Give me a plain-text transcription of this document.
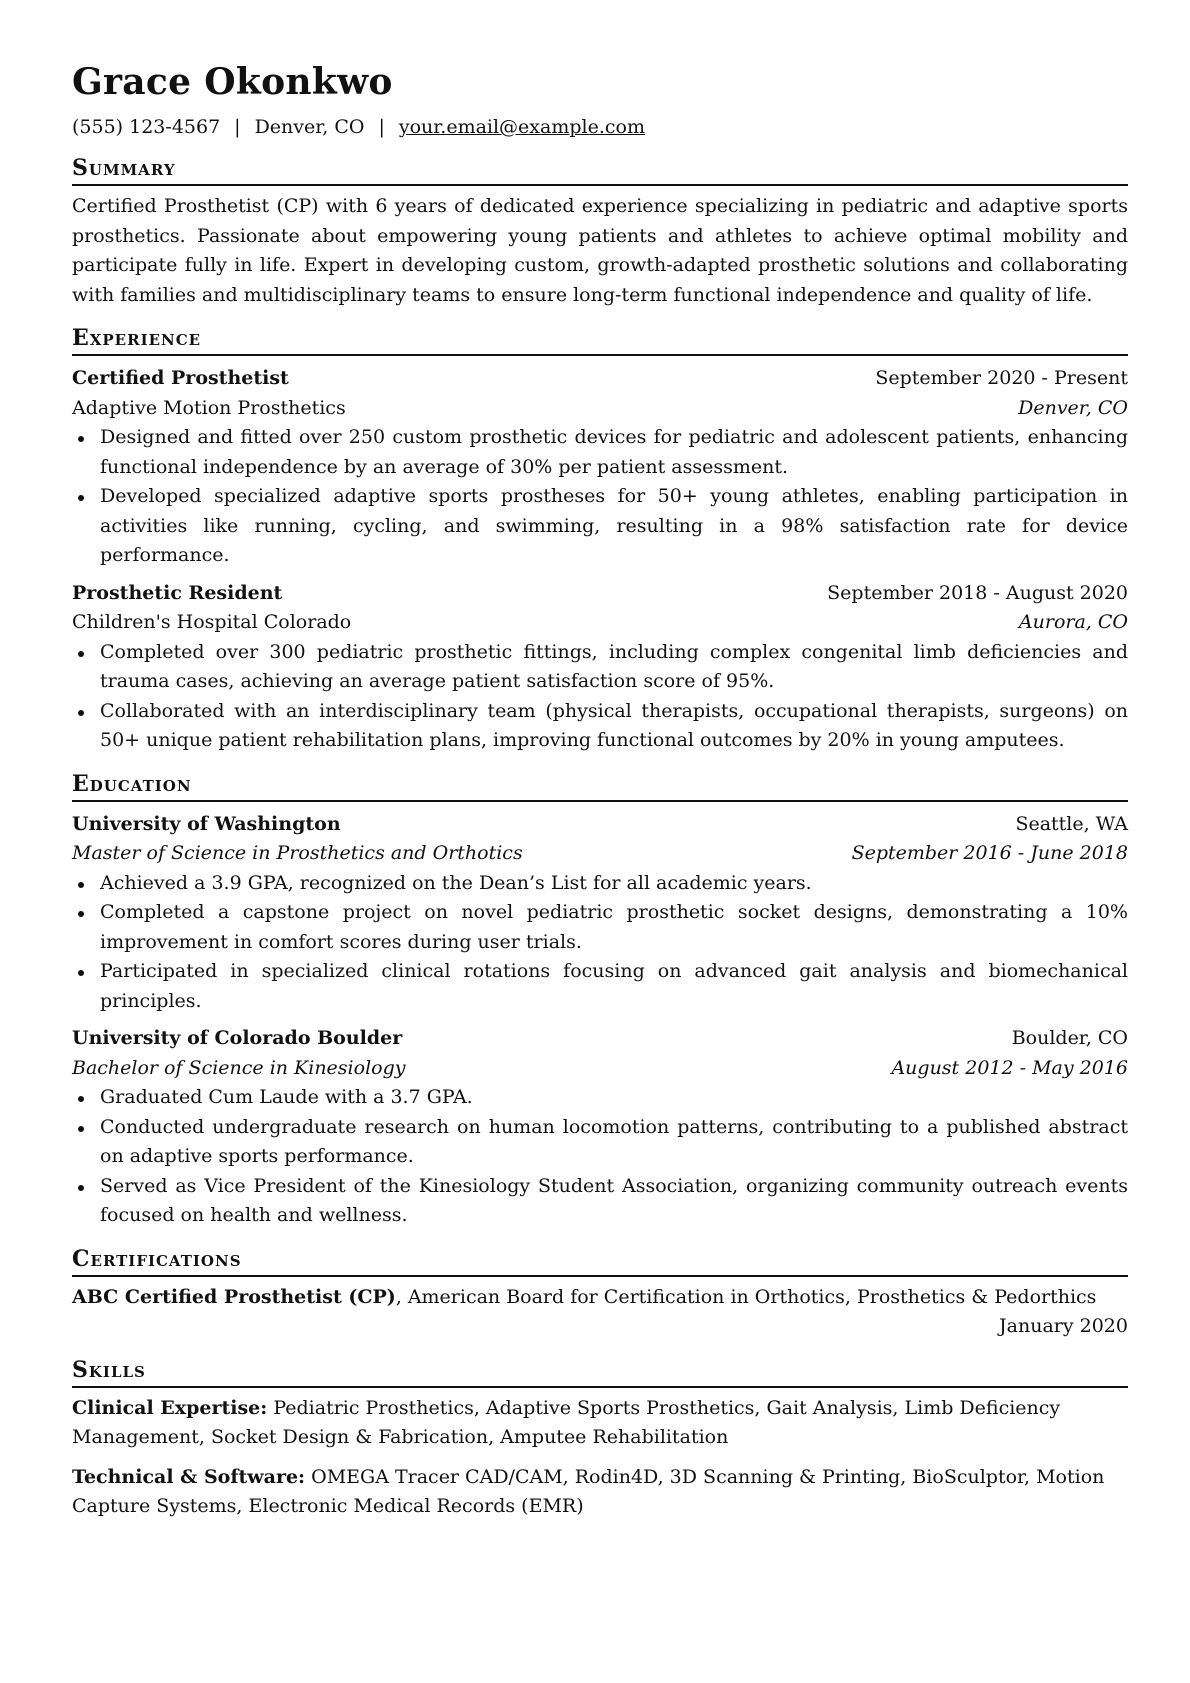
Grace Okonkwo
(555) 123-4567 | Denver, CO | your.email@example.com
Summary

Certified Prosthetist (CP) with 6 years of dedicated experience specializing in pediatric and adaptive sports prosthetics. Passionate about empowering young patients and athletes to achieve optimal mobility and participate fully in life. Expert in developing custom, growth-adapted prosthetic solutions and collaborating with families and multidisciplinary teams to ensure long-term functional independence and quality of life.

Experience
Certified Prosthetist	September 2020 - Present
Adaptive Motion Prosthetics	Denver, CO
Designed and fitted over 250 custom prosthetic devices for pediatric and adolescent patients, enhancing functional independence by an average of 30% per patient assessment.
Developed specialized adaptive sports prostheses for 50+ young athletes, enabling participation in activities like running, cycling, and swimming, resulting in a 98% satisfaction rate for device performance.
Prosthetic Resident	September 2018 - August 2020
Children's Hospital Colorado	Aurora, CO
Completed over 300 pediatric prosthetic fittings, including complex congenital limb deficiencies and trauma cases, achieving an average patient satisfaction score of 95%.
Collaborated with an interdisciplinary team (physical therapists, occupational therapists, surgeons) on 50+ unique patient rehabilitation plans, improving functional outcomes by 20% in young amputees.
Education
University of Washington	Seattle, WA
Master of Science in Prosthetics and Orthotics	September 2016 - June 2018
Achieved a 3.9 GPA, recognized on the Dean’s List for all academic years.
Completed a capstone project on novel pediatric prosthetic socket designs, demonstrating a 10% improvement in comfort scores during user trials.
Participated in specialized clinical rotations focusing on advanced gait analysis and biomechanical principles.
University of Colorado Boulder	Boulder, CO
Bachelor of Science in Kinesiology	August 2012 - May 2016
Graduated Cum Laude with a 3.7 GPA.
Conducted undergraduate research on human locomotion patterns, contributing to a published abstract on adaptive sports performance.
Served as Vice President of the Kinesiology Student Association, organizing community outreach events focused on health and wellness.
Certifications

ABC Certified Prosthetist (CP), American Board for Certification in Orthotics, Prosthetics & Pedorthics

January 2020
Skills

Clinical Expertise: Pediatric Prosthetics, Adaptive Sports Prosthetics, Gait Analysis, Limb Deficiency Management, Socket Design & Fabrication, Amputee Rehabilitation

Technical & Software: OMEGA Tracer CAD/CAM, Rodin4D, 3D Scanning & Printing, BioSculptor, Motion Capture Systems, Electronic Medical Records (EMR)
